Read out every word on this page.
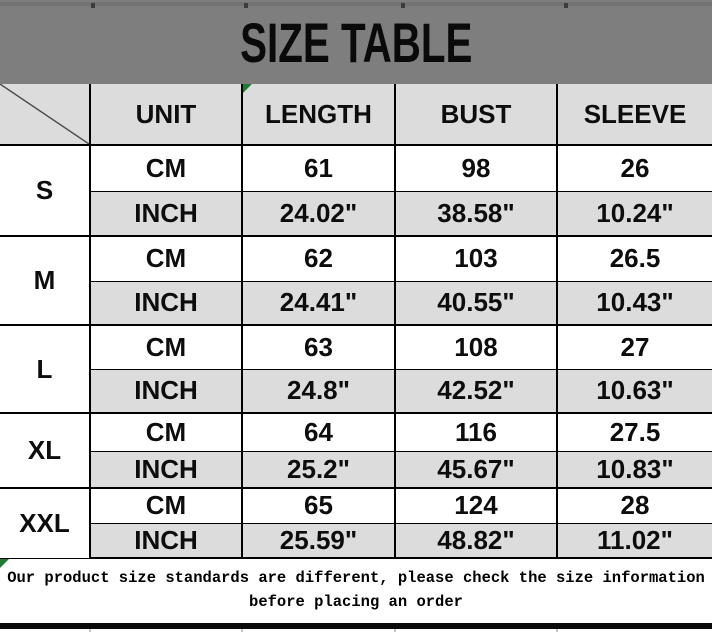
SIZE TABLE
	UNIT	LENGTH	BUST	SLEEVE
S	CM	61	98	26
	INCH	24.02"	38.58"	10.24"
M	CM	62	103	26.5
	INCH	24.41"	40.55"	10.43"
L	CM	63	108	27
	INCH	24.8"	42.52"	10.63"
XL	CM	64	116	27.5
	INCH	25.2"	45.67"	10.83"
XXL	CM	65	124	28
	INCH	25.59"	48.82"	11.02"
Our product size standards are different, please check the size information
before placing an order
